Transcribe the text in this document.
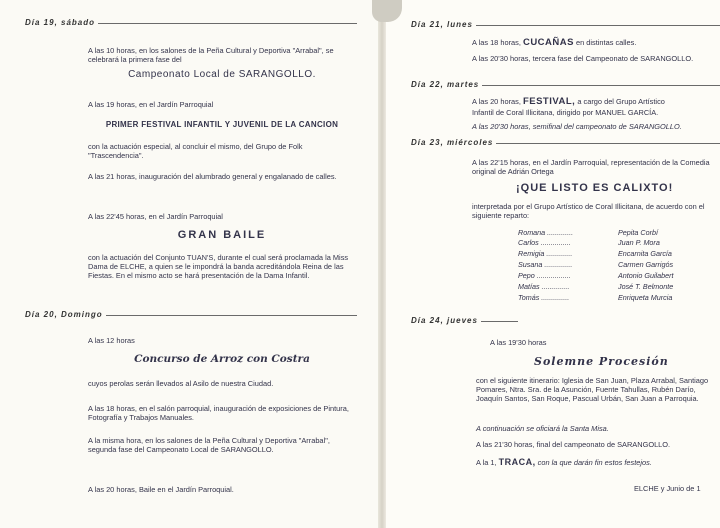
Día 19, sábado
A las 10 horas, en los salones de la Peña Cultural y Deportiva "Arrabal", se celebrará la primera fase del
Campeonato Local de SARANGOLLO.
A las 19 horas, en el Jardín Parroquial
PRIMER FESTIVAL INFANTIL Y JUVENIL DE LA CANCION
con la actuación especial, al concluir el mismo, del Grupo de Folk "Trascendencia".
A las 21 horas, inauguración del alumbrado general y engalanado de calles.
A las 22'45 horas, en el Jardín Parroquial
GRAN BAILE
con la actuación del Conjunto TUAN'S, durante el cual será proclamada la Miss Dama de ELCHE, a quien se le impondrá la banda acreditándola Reina de las Fiestas. En el mismo acto se hará presentación de la Dama Infantil.
Día 20, Domingo
A las 12 horas
Concurso de Arroz con Costra
cuyos perolas serán llevados al Asilo de nuestra Ciudad.
A las 18 horas, en el salón parroquial, inauguración de exposiciones de Pintura, Fotografía y Trabajos Manuales.
A la misma hora, en los salones de la Peña Cultural y Deportiva "Arrabal", segunda fase del Campeonato Local de SARANGOLLO.
A las 20 horas, Baile en el Jardín Parroquial.
Día 21, lunes
A las 18 horas, CUCAÑAS en distintas calles.
A las 20'30 horas, tercera fase del Campeonato de SARANGOLLO.
Día 22, martes
A las 20 horas, FESTIVAL, a cargo del Grupo Artístico
Infantil de Coral Illicitana, dirigido por MANUEL GARCÍA.
A las 20'30 horas, semifinal del campeonato de SARANGOLLO.
Día 23, miércoles
A las 22'15 horas, en el Jardín Parroquial, representación de la Comedia original de Adrián Ortega
¡QUE LISTO ES CALIXTO!
interpretada por el Grupo Artístico de Coral Illicitana, de acuerdo con el siguiente reparto:
Romana .............	Pepita Corbí
Carlos ...............	Juan P. Mora
Remigia .............	Encarnita García
Susana ..............	Carmen Garrigós
Pepo .................	Antonio Guilabert
Matías ..............	José T. Belmonte
Tomás ..............	Enriqueta Murcia
Día 24, jueves
A las 19'30 horas
Solemne Procesión
con el siguiente itinerario: Iglesia de San Juan, Plaza Arrabal, Santiago Pomares, Ntra. Sra. de la Asunción, Fuente Tahullas, Rubén Darío, Joaquín Santos, San Roque, Pascual Urbán, San Juan a Parroquia.
A continuación se oficiará la Santa Misa.
A las 21'30 horas, final del campeonato de SARANGOLLO.
A la 1, TRACA, con la que darán fin estos festejos.
ELCHE y Junio de 1
